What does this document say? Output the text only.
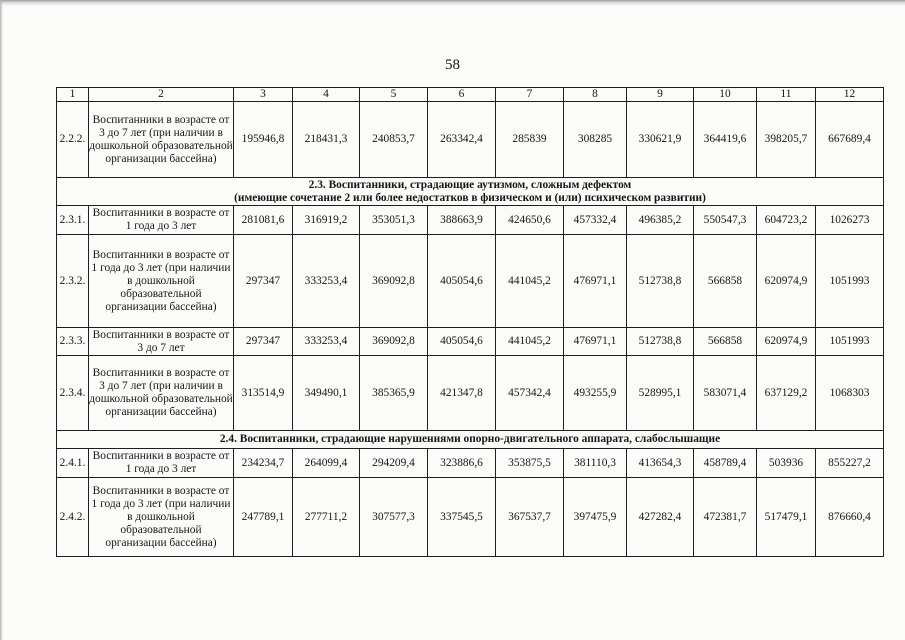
58
1	2	3	4	5	6	7	8	9	10	11	12
2.2.2.	Воспитанники в возрасте от 3 до 7 лет (при наличии в дошкольной образовательной организации бассейна)	195946,8	218431,3	240853,7	263342,4	285839	308285	330621,9	364419,6	398205,7	667689,4
2.3. Воспитанники, страдающие аутизмом, сложным дефектом
(имеющие сочетание 2 или более недостатков в физическом и (или) психическом развитии)											
2.3.1.	Воспитанники в возрасте от 1 года до 3 лет	281081,6	316919,2	353051,3	388663,9	424650,6	457332,4	496385,2	550547,3	604723,2	1026273
2.3.2.	Воспитанники в возрасте от 1 года до 3 лет (при наличии в дошкольной образовательной организации бассейна)	297347	333253,4	369092,8	405054,6	441045,2	476971,1	512738,8	566858	620974,9	1051993
2.3.3.	Воспитанники в возрасте от 3 до 7 лет	297347	333253,4	369092,8	405054,6	441045,2	476971,1	512738,8	566858	620974,9	1051993
2.3.4.	Воспитанники в возрасте от 3 до 7 лет (при наличии в дошкольной образовательной организации бассейна)	313514,9	349490,1	385365,9	421347,8	457342,4	493255,9	528995,1	583071,4	637129,2	1068303
2.4. Воспитанники, страдающие нарушениями опорно-двигательного аппарата, слабослышащие											
2.4.1.	Воспитанники в возрасте от 1 года до 3 лет	234234,7	264099,4	294209,4	323886,6	353875,5	381110,3	413654,3	458789,4	503936	855227,2
2.4.2.	Воспитанники в возрасте от 1 года до 3 лет (при наличии в дошкольной образовательной организации бассейна)	247789,1	277711,2	307577,3	337545,5	367537,7	397475,9	427282,4	472381,7	517479,1	876660,4
